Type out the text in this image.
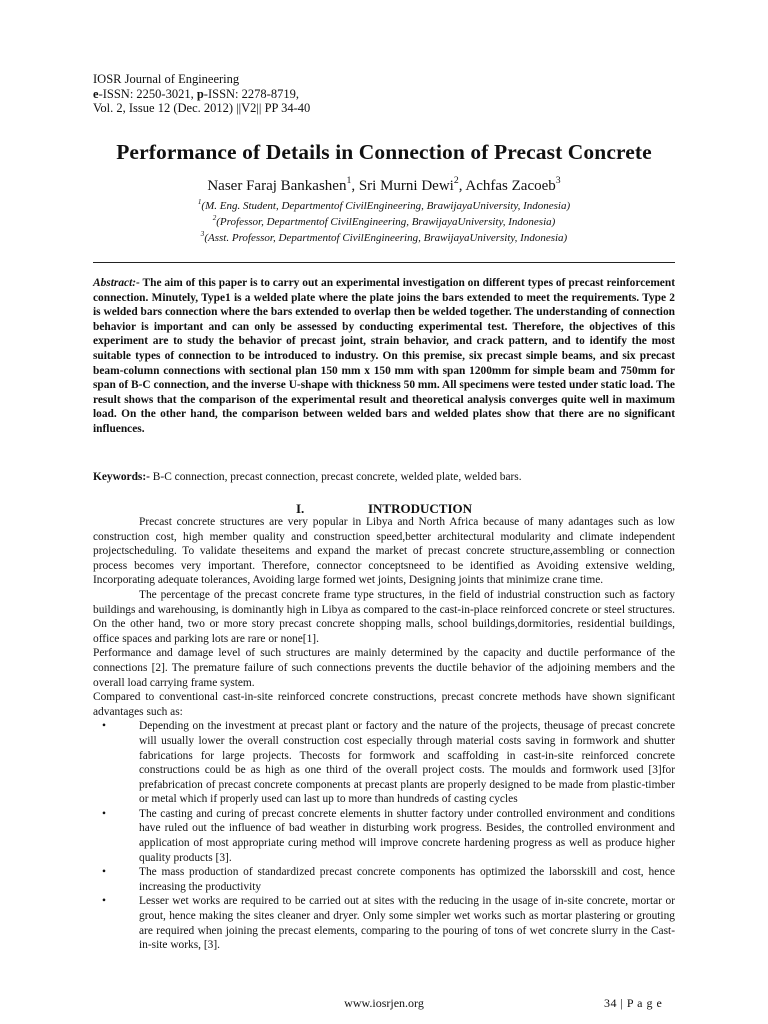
IOSR Journal of Engineering
e-ISSN: 2250-3021, p-ISSN: 2278-8719,
Vol. 2, Issue 12 (Dec. 2012) ||V2|| PP 34-40
Performance of Details in Connection of Precast Concrete
Naser Faraj Bankashen$^1$, Sri Murni Dewi$^2$, Achfas Zacoeb$^3$
$^1$(M. Eng. Student, Departmentof CivilEngineering, BrawijayaUniversity, Indonesia)
$^2$(Professor, Departmentof CivilEngineering, BrawijayaUniversity, Indonesia)
$^3$(Asst. Professor, Departmentof CivilEngineering, BrawijayaUniversity, Indonesia)
Abstract:- The aim of this paper is to carry out an experimental investigation on different types of precast reinforcement connection. Minutely, Type1 is a welded plate where the plate joins the bars extended to meet the requirements. Type 2 is welded bars connection where the bars extended to overlap then be welded together. The understanding of connection behavior is important and can only be assessed by conducting experimental test. Therefore, the objectives of this experiment are to study the behavior of precast joint, strain behavior, and crack pattern, and to identify the most suitable types of connection to be introduced to industry. On this premise, six precast simple beams, and six precast beam-column connections with sectional plan 150 mm x 150 mm with span 1200mm for simple beam and 750mm for span of B-C connection, and the inverse U-shape with thickness 50 mm. All specimens were tested under static load. The result shows that the comparison of the experimental result and theoretical analysis converges quite well in maximum load. On the other hand, the comparison between welded bars and welded plates show that there are no significant influences.
Keywords:- B-C connection, precast connection, precast concrete, welded plate, welded bars.
I.	INTRODUCTION

Precast concrete structures are very popular in Libya and North Africa because of many adantages such as low construction cost, high member quality and construction speed,better architectural modularity and climate independent projectscheduling. To validate theseitems and expand the market of precast concrete structure,assembling or connection process becomes very important. Therefore, connector conceptsneed to be identified as Avoiding extensive welding, Incorporating adequate tolerances, Avoiding large formed wet joints, Designing joints that minimize crane time.

The percentage of the precast concrete frame type structures, in the field of industrial construction such as factory buildings and warehousing, is dominantly high in Libya as compared to the cast-in-place reinforced concrete or steel structures. On the other hand, two or more story precast concrete shopping malls, school buildings,dormitories, residential buildings, office spaces and parking lots are rare or none[1].

Performance and damage level of such structures are mainly determined by the capacity and ductile performance of the connections [2]. The premature failure of such connections prevents the ductile behavior of the adjoining members and the overall load carrying frame system.

Compared to conventional cast-in-site reinforced concrete constructions, precast concrete methods have shown significant advantages such as:

•	Depending on the investment at precast plant or factory and the nature of the projects, theusage of precast concrete will usually lower the overall construction cost especially through material costs saving in formwork and shutter fabrications for large projects. Thecosts for formwork and scaffolding in cast-in-site reinforced concrete constructions could be as high as one third of the overall project costs. The moulds and formwork used [3]for prefabrication of precast concrete components at precast plants are properly designed to be made from plastic-timber or metal which if properly used can last up to more than hundreds of casting cycles
•	The casting and curing of precast concrete elements in shutter factory under controlled environment and conditions have ruled out the influence of bad weather in disturbing work progress. Besides, the controlled environment and application of most appropriate curing method will improve concrete hardening progress as well as produce higher quality products [3].
•	The mass production of standardized precast concrete components has optimized the laborsskill and cost, hence increasing the productivity
•	Lesser wet works are required to be carried out at sites with the reducing in the usage of in-site concrete, mortar or grout, hence making the sites cleaner and dryer. Only some simpler wet works such as mortar plastering or grouting are required when joining the precast elements, comparing to the pouring of tons of wet concrete slurry in the Cast-in-site works, [3].
www.iosrjen.org	34 | P a g e
